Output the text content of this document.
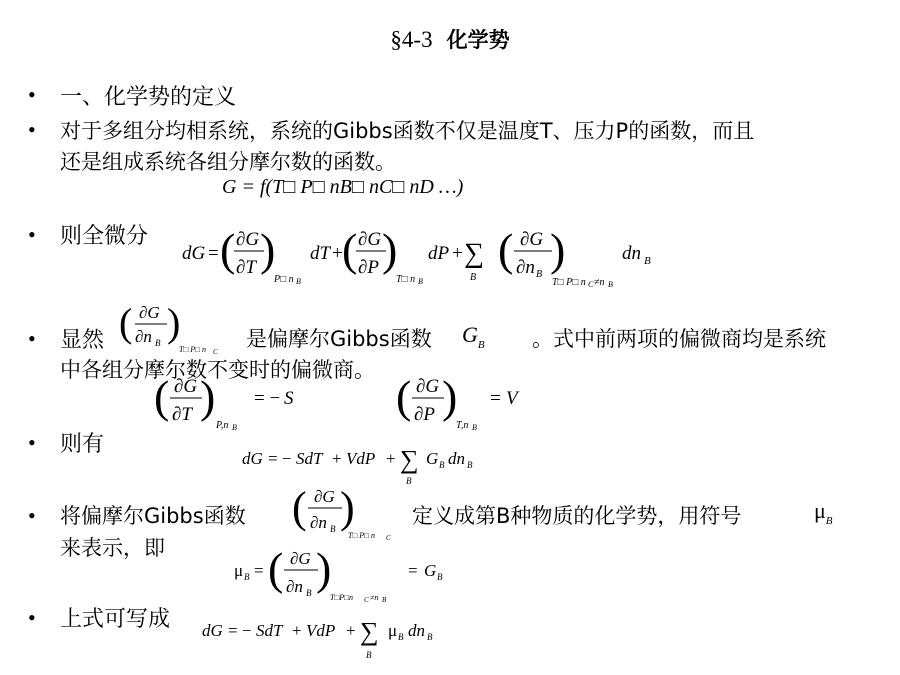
§4-3 化学势
• 一、化学势的定义
• 对于多组分均相系统，系统的Gibbs函数不仅是温度T、压力P的函数，而且
还是组成系统各组分摩尔数的函数。
G = f(T□ P□ nB□ nC□ nD …)
• 则全微分
dG = ( ∂G
∂T )
P□ n B
dT + ( ∂G
∂P )
T□ n B
dP + ∑
B
( ∂G
∂n B )
T□ P□ n C ≠n B
dn B
• 显然 ( ∂G
∂n B )
T□ P□ n C
是偏摩尔Gibbs函数 $G_B$ 。式中前两项的偏微商均是系统
中各组分摩尔数不变时的偏微商。
( ∂G
∂T )
P,n B
= − S ( ∂G
∂P )
T,n B
= V
• 则有
dG = − SdT + VdP + ∑
B
G B dn B
• 将偏摩尔Gibbs函数 ( ∂G
∂n B )
T□ P□ n C
定义成第B种物质的化学势，用符号	$\mu_B$
来表示，即
μ B = ( ∂G
∂n B )
T□P□n C ≠n B
= G B
• 上式可写成 dG = − SdT + VdP + ∑
B
μ B dn B
